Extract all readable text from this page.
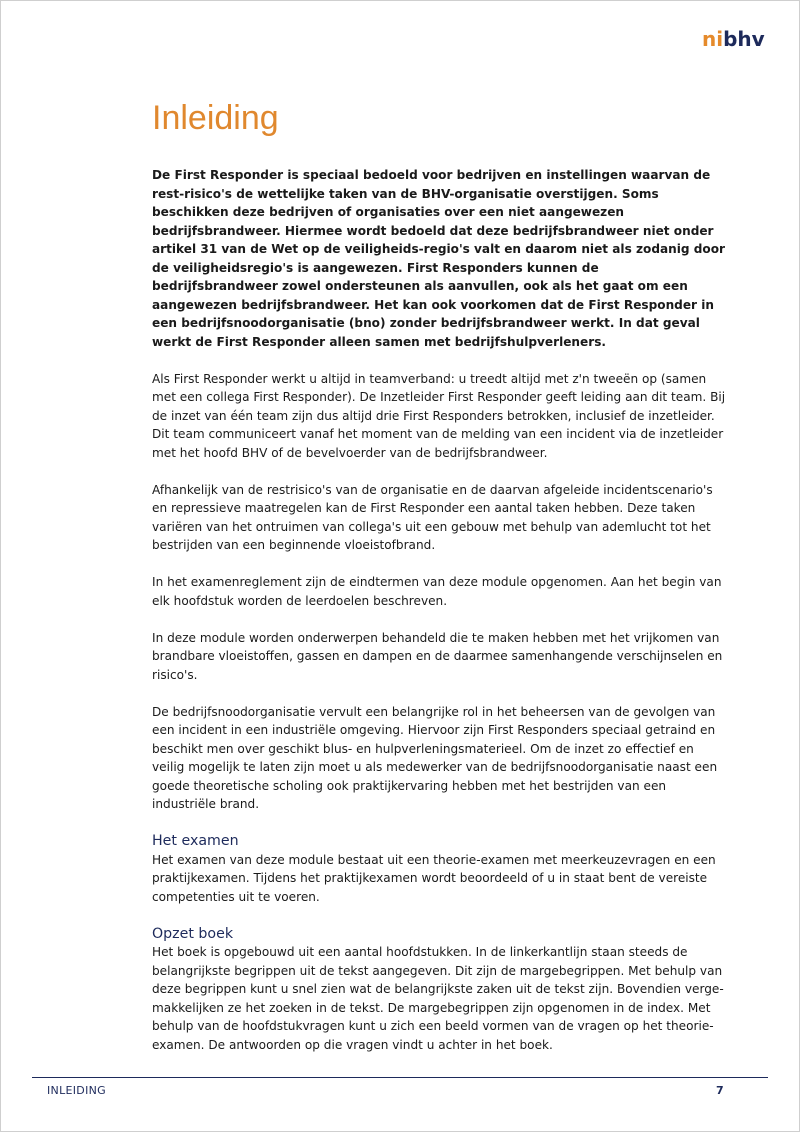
nibhv
Inleiding

De First Responder is speciaal bedoeld voor bedrijven en instellingen waarvan de rest-risico's de wettelijke taken van de BHV-organisatie overstijgen. Soms beschikken deze bedrijven of organisaties over een niet aangewezen bedrijfsbrandweer. Hiermee wordt bedoeld dat deze bedrijfsbrandweer niet onder artikel 31 van de Wet op de veiligheids-regio's valt en daarom niet als zodanig door de veiligheidsregio's is aangewezen. First Responders kunnen de bedrijfsbrandweer zowel ondersteunen als aanvullen, ook als het gaat om een aangewezen bedrijfsbrandweer. Het kan ook voorkomen dat de First Responder in een bedrijfsnoodorganisatie (bno) zonder bedrijfsbrandweer werkt. In dat geval werkt de First Responder alleen samen met bedrijfshulpverleners.

Als First Responder werkt u altijd in teamverband: u treedt altijd met z'n tweeën op (samen met een collega First Responder). De Inzetleider First Responder geeft leiding aan dit team. Bij de inzet van één team zijn dus altijd drie First Responders betrokken, inclusief de inzetleider. Dit team communiceert vanaf het moment van de melding van een incident via de inzetleider met het hoofd BHV of de bevelvoerder van de bedrijfsbrandweer.

Afhankelijk van de restrisico's van de organisatie en de daarvan afgeleide incidentscenario's en repressieve maatregelen kan de First Responder een aantal taken hebben. Deze taken variëren van het ontruimen van collega's uit een gebouw met behulp van ademlucht tot het bestrijden van een beginnende vloeistofbrand.

In het examenreglement zijn de eindtermen van deze module opgenomen. Aan het begin van elk hoofdstuk worden de leerdoelen beschreven.

In deze module worden onderwerpen behandeld die te maken hebben met het vrijkomen van brandbare vloeistoffen, gassen en dampen en de daarmee samenhangende verschijnselen en risico's.

De bedrijfsnoodorganisatie vervult een belangrijke rol in het beheersen van de gevolgen van een incident in een industriële omgeving. Hiervoor zijn First Responders speciaal getraind en beschikt men over geschikt blus- en hulpverleningsmaterieel. Om de inzet zo effectief en veilig mogelijk te laten zijn moet u als medewerker van de bedrijfsnoodorganisatie naast een goede theoretische scholing ook praktijkervaring hebben met het bestrijden van een industriële brand.

Het examen
Het examen van deze module bestaat uit een theorie-examen met meerkeuzevragen en een praktijkexamen. Tijdens het praktijkexamen wordt beoordeeld of u in staat bent de vereiste competenties uit te voeren.
Opzet boek
Het boek is opgebouwd uit een aantal hoofdstukken. In de linkerkantlijn staan steeds de belangrijkste begrippen uit de tekst aangegeven. Dit zijn de margebegrippen. Met behulp van deze begrippen kunt u snel zien wat de belangrijkste zaken uit de tekst zijn. Bovendien verge-makkelijken ze het zoeken in de tekst. De margebegrippen zijn opgenomen in de index. Met behulp van de hoofdstukvragen kunt u zich een beeld vormen van de vragen op het theorie-examen. De antwoorden op die vragen vindt u achter in het boek.
INLEIDING	7
